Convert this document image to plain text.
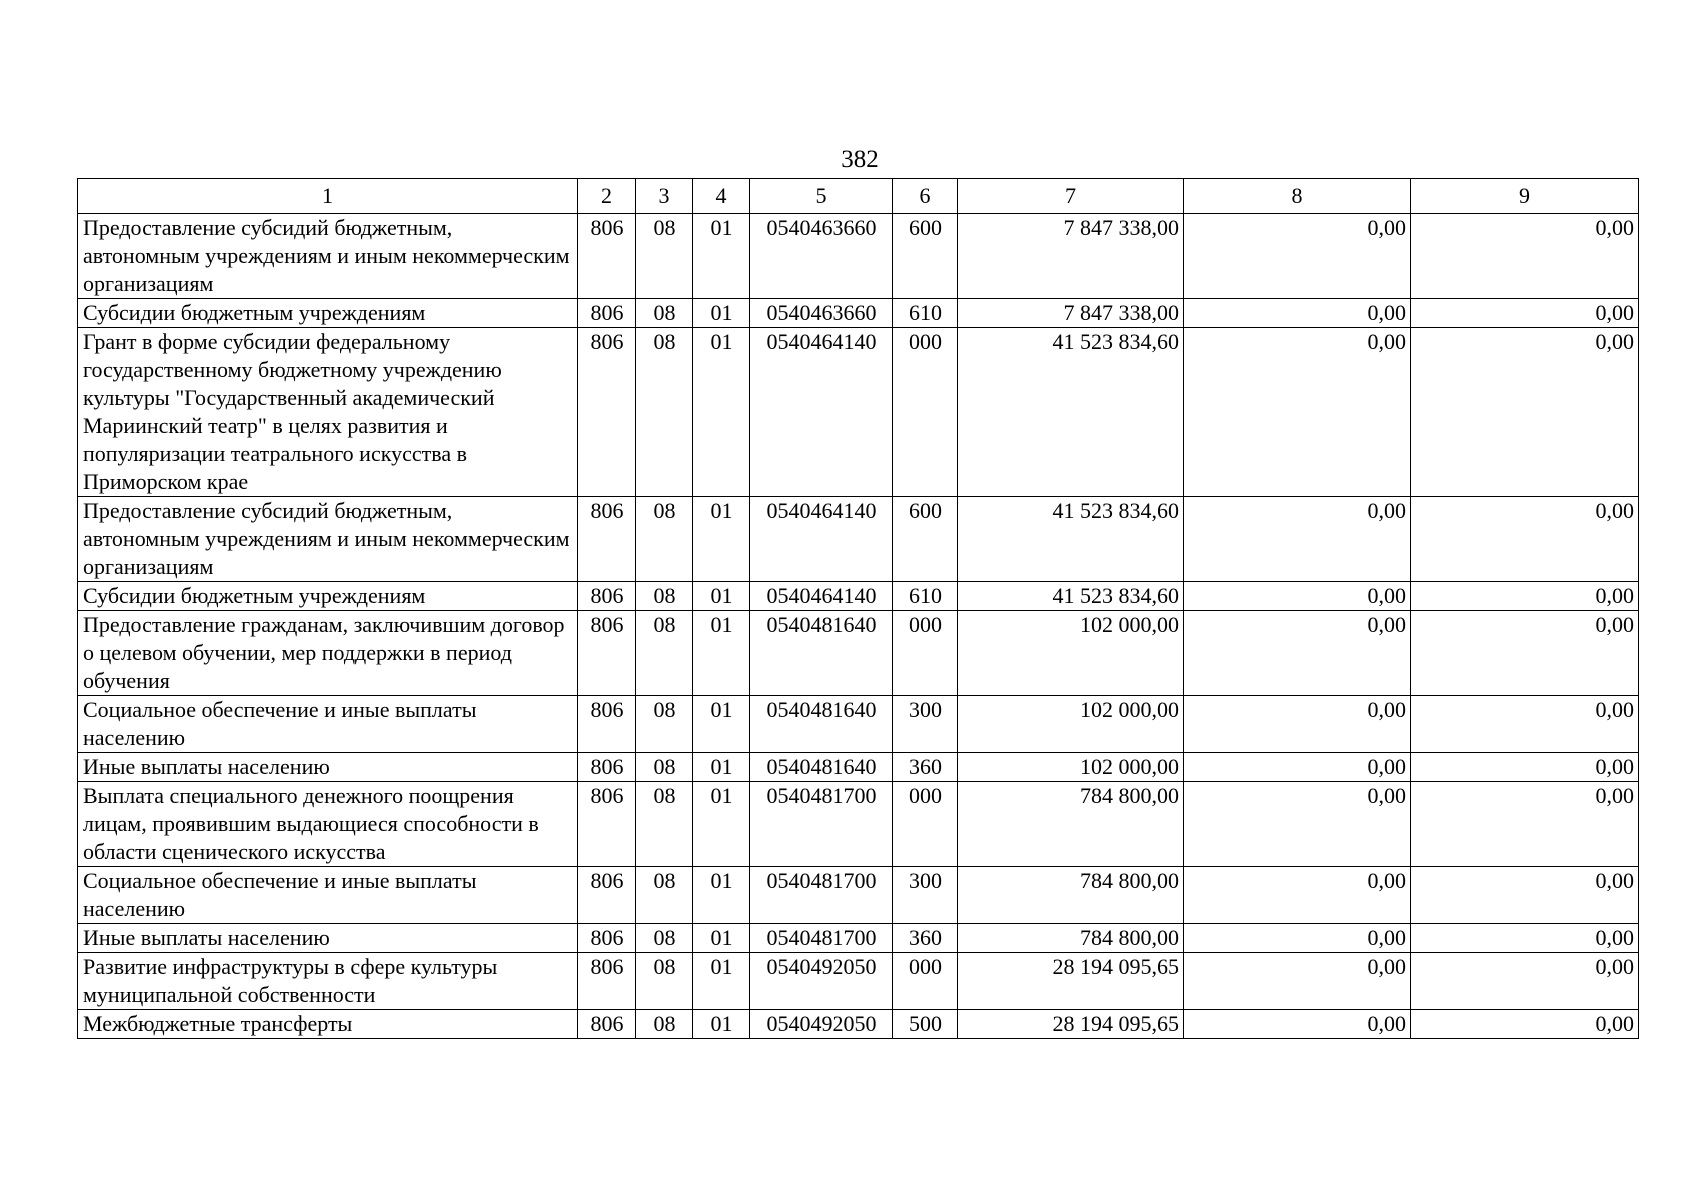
382
1	2	3	4	5	6	7	8	9
Предоставление субсидий бюджетным, автономным учреждениям и иным некоммерческим организациям	806	08	01	0540463660	600	7 847 338,00	0,00	0,00
Субсидии бюджетным учреждениям	806	08	01	0540463660	610	7 847 338,00	0,00	0,00
Грант в форме субсидии федеральному государственному бюджетному учреждению культуры "Государственный академический Мариинский театр" в целях развития и популяризации театрального искусства в Приморском крае	806	08	01	0540464140	000	41 523 834,60	0,00	0,00
Предоставление субсидий бюджетным, автономным учреждениям и иным некоммерческим организациям	806	08	01	0540464140	600	41 523 834,60	0,00	0,00
Субсидии бюджетным учреждениям	806	08	01	0540464140	610	41 523 834,60	0,00	0,00
Предоставление гражданам, заключившим договор о целевом обучении, мер поддержки в период обучения	806	08	01	0540481640	000	102 000,00	0,00	0,00
Социальное обеспечение и иные выплаты населению	806	08	01	0540481640	300	102 000,00	0,00	0,00
Иные выплаты населению	806	08	01	0540481640	360	102 000,00	0,00	0,00
Выплата специального денежного поощрения лицам, проявившим выдающиеся способности в области сценического искусства	806	08	01	0540481700	000	784 800,00	0,00	0,00
Социальное обеспечение и иные выплаты населению	806	08	01	0540481700	300	784 800,00	0,00	0,00
Иные выплаты населению	806	08	01	0540481700	360	784 800,00	0,00	0,00
Развитие инфраструктуры в сфере культуры муниципальной собственности	806	08	01	0540492050	000	28 194 095,65	0,00	0,00
Межбюджетные трансферты	806	08	01	0540492050	500	28 194 095,65	0,00	0,00
